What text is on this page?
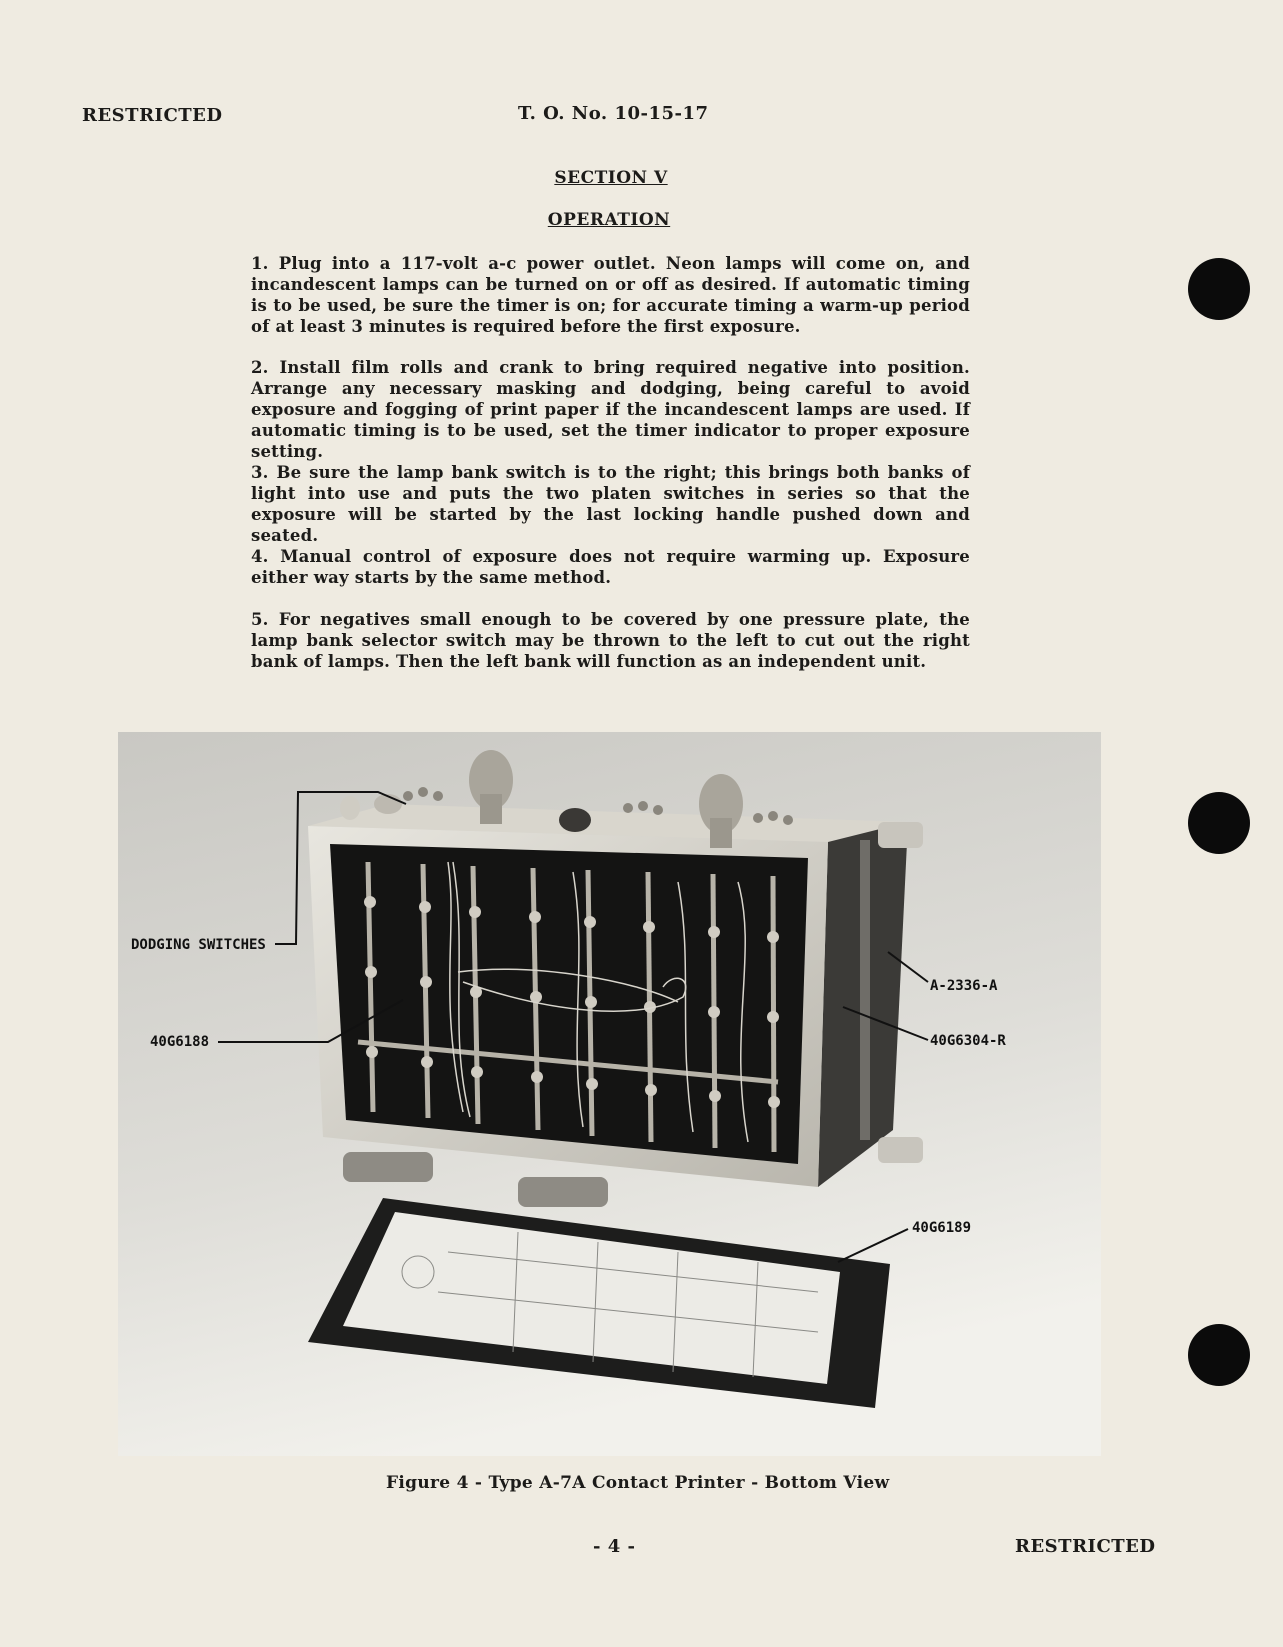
RESTRICTED	T. O. No. 10-15-17
SECTION V
OPERATION
1. Plug into a 117-volt a-c power outlet. Neon lamps will come on, and incandescent lamps can be turned on or off as desired. If automatic timing is to be used, be sure the timer is on; for accurate timing a warm-up period of at least 3 minutes is required before the first exposure.
2. Install film rolls and crank to bring required negative into position. Arrange any necessary masking and dodging, being careful to avoid exposure and fogging of print paper if the incandescent lamps are used. If automatic timing is to be used, set the timer indicator to proper exposure setting.
3. Be sure the lamp bank switch is to the right; this brings both banks of light into use and puts the two platen switches in series so that the exposure will be started by the last locking handle pushed down and seated.
4. Manual control of exposure does not require warming up. Exposure either way starts by the same method.
5. For negatives small enough to be covered by one pressure plate, the lamp bank selector switch may be thrown to the left to cut out the right bank of lamps. Then the left bank will function as an independent unit.
DODGING SWITCHES
40G6188
A-2336-A
40G6304-R
40G6189
Figure 4 - Type A-7A Contact Printer - Bottom View
- 4 -	RESTRICTED
